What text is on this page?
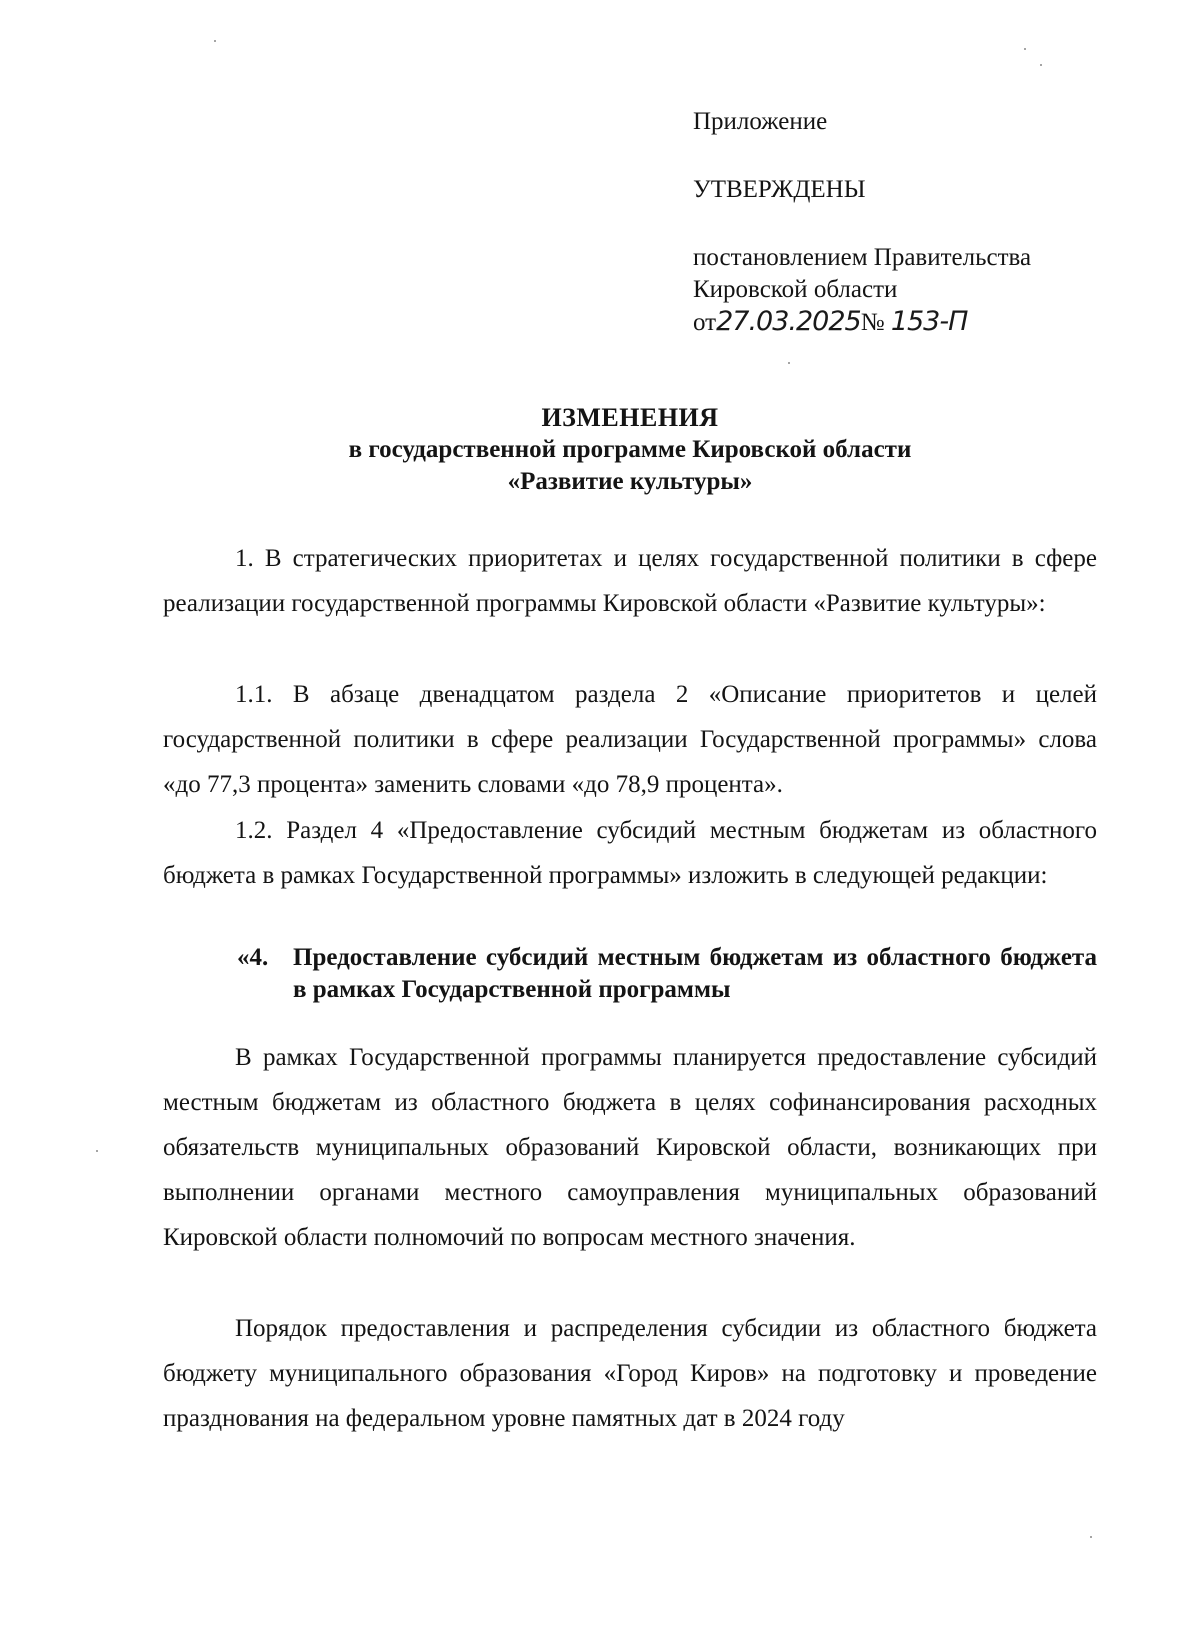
Приложение
УТВЕРЖДЕНЫ
постановлением Правительства
Кировской области
от27.03.2025№ 153-П
ИЗМЕНЕНИЯ
в государственной программе Кировской области
«Развитие культуры»

1. В стратегических приоритетах и целях государственной политики в сфере реализации государственной программы Кировской области «Развитие культуры»:

1.1. В абзаце двенадцатом раздела 2 «Описание приоритетов и целей государственной политики в сфере реализации Государственной программы» слова «до 77,3 процента» заменить словами «до 78,9 процента».

1.2. Раздел 4 «Предоставление субсидий местным бюджетам из областного бюджета в рамках Государственной программы» изложить в следующей редакции:

«4. Предоставление субсидий местным бюджетам из областного бюджета в рамках Государственной программы

В рамках Государственной программы планируется предоставление субсидий местным бюджетам из областного бюджета в целях софинансирования расходных обязательств муниципальных образований Кировской области, возникающих при выполнении органами местного самоуправления муниципальных образований Кировской области полномочий по вопросам местного значения.

Порядок предоставления и распределения субсидии из областного бюджета бюджету муниципального образования «Город Киров» на подготовку и проведение празднования на федеральном уровне памятных дат в 2024 году
